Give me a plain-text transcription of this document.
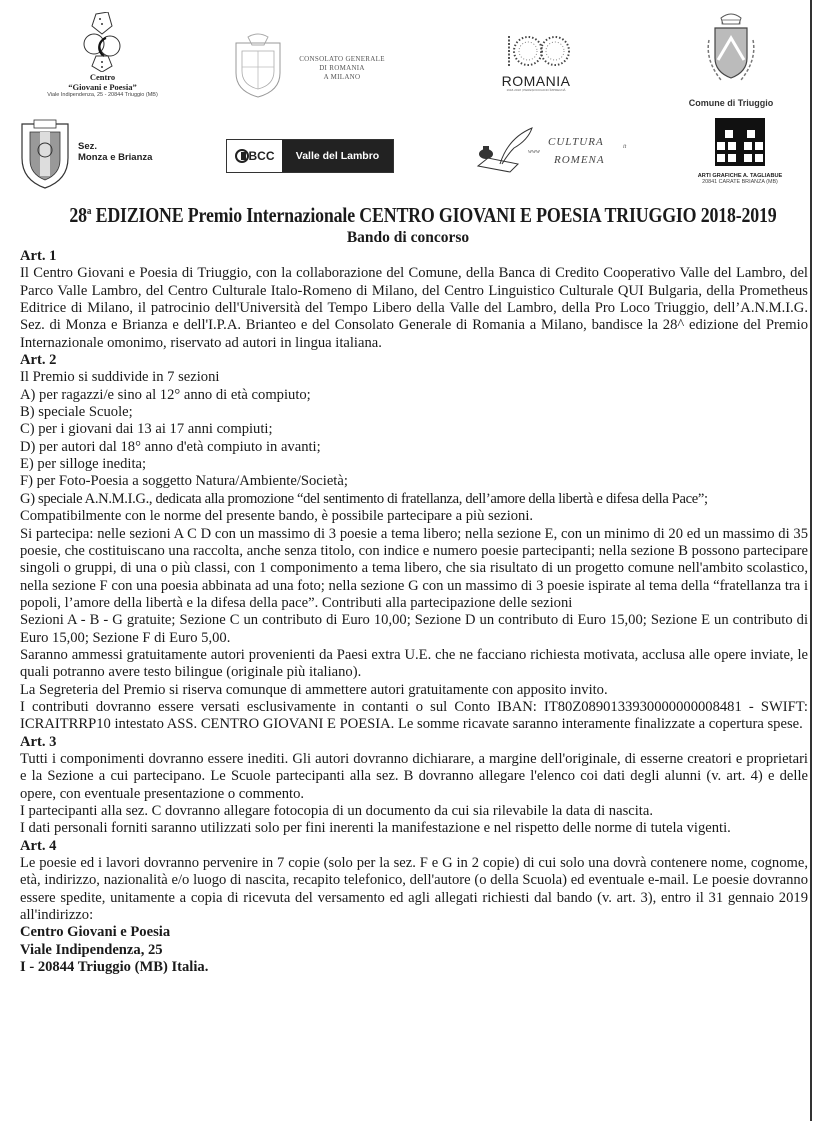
Centro
“Giovani e Poesia”
Viale Indipendenza, 25 - 20844 Triuggio (MB)
CONSOLATO GENERALE
DI ROMANIA
A MILANO	ROMANIA
1918-2018 | PEREȘOCCUANO ÎMPREUNĂ
Comune di Triuggio
Sez.
Monza e Brianza	BCC	Valle del Lambro	www
CULTURA
ROMENA
it
ARTI GRAFICHE A. TAGLIABUE
20841 CARATE BRIANZA (MB)
28$^a$ EDIZIONE Premio Internazionale CENTRO GIOVANI E POESIA TRIUGGIO 2018-2019
Bando di concorso

Art. 1

Il Centro Giovani e Poesia di Triuggio, con la collaborazione del Comune, della Banca di Credito Cooperativo Valle del Lambro, del Parco Valle Lambro, del Centro Culturale Italo-Romeno di Milano, del Centro Linguistico Culturale QUI Bulgaria, della Prometheus Editrice di Milano, il patrocinio dell'Università del Tempo Libero della Valle del Lambro, della Pro Loco Triuggio, dell’A.N.M.I.G. Sez. di Monza e Brianza e dell'I.P.A. Brianteo e del Consolato Generale di Romania a Milano, bandisce la 28^ edizione del Premio Internazionale omonimo, riservato ad autori in lingua italiana.

Art. 2

Il Premio si suddivide in 7 sezioni

A) per ragazzi/e sino al 12° anno di età compiuto;

B) speciale Scuole;

C) per i giovani dai 13 ai 17 anni compiuti;

D) per autori dal 18° anno d'età compiuto in avanti;

E) per silloge inedita;

F) per Foto-Poesia a soggetto Natura/Ambiente/Società;

G) speciale A.N.M.I.G., dedicata alla promozione “del sentimento di fratellanza, dell’amore della libertà e difesa della Pace”;

Compatibilmente con le norme del presente bando, è possibile partecipare a più sezioni.

Si partecipa: nelle sezioni A C D con un massimo di 3 poesie a tema libero; nella sezione E, con un minimo di 20 ed un massimo di 35 poesie, che costituiscano una raccolta, anche senza titolo, con indice e numero poesie partecipanti; nella sezione B possono partecipare singoli o gruppi, di una o più classi, con 1 componimento a tema libero, che sia risultato di un progetto comune nell'ambito scolastico, nella sezione F con una poesia abbinata ad una foto; nella sezione G con un massimo di 3 poesie ispirate al tema della “fratellanza tra i popoli, l’amore della libertà e la difesa della pace”. Contributi alla partecipazione delle sezioni

Sezioni A - B - G gratuite; Sezione C un contributo di Euro 10,00; Sezione D un contributo di Euro 15,00; Sezione E un contributo di Euro 15,00; Sezione F di Euro 5,00.

Saranno ammessi gratuitamente autori provenienti da Paesi extra U.E. che ne facciano richiesta motivata, acclusa alle opere inviate, le quali potranno avere testo bilingue (originale più italiano).

La Segreteria del Premio si riserva comunque di ammettere autori gratuitamente con apposito invito.

I contributi dovranno essere versati esclusivamente in contanti o sul Conto IBAN: IT80Z0890133930000000008481 - SWIFT: ICRAITRRP10 intestato ASS. CENTRO GIOVANI E POESIA. Le somme ricavate saranno interamente finalizzate a copertura spese.

Art. 3

Tutti i componimenti dovranno essere inediti. Gli autori dovranno dichiarare, a margine dell'originale, di esserne creatori e proprietari e la Sezione a cui partecipano. Le Scuole partecipanti alla sez. B dovranno allegare l'elenco coi dati degli alunni (v. art. 4) e delle opere, con eventuale presentazione o commento.

I partecipanti alla sez. C dovranno allegare fotocopia di un documento da cui sia rilevabile la data di nascita.

I dati personali forniti saranno utilizzati solo per fini inerenti la manifestazione e nel rispetto delle norme di tutela vigenti.

Art. 4

Le poesie ed i lavori dovranno pervenire in 7 copie (solo per la sez. F e G in 2 copie) di cui solo una dovrà contenere nome, cognome, età, indirizzo, nazionalità e/o luogo di nascita, recapito telefonico, dell'autore (o della Scuola) ed eventuale e-mail. Le poesie dovranno essere spedite, unitamente a copia di ricevuta del versamento ed agli allegati richiesti dal bando (v. art. 3), entro il 31 gennaio 2019 all'indirizzo:

Centro Giovani e Poesia

Viale Indipendenza, 25

I - 20844 Triuggio (MB) Italia.
